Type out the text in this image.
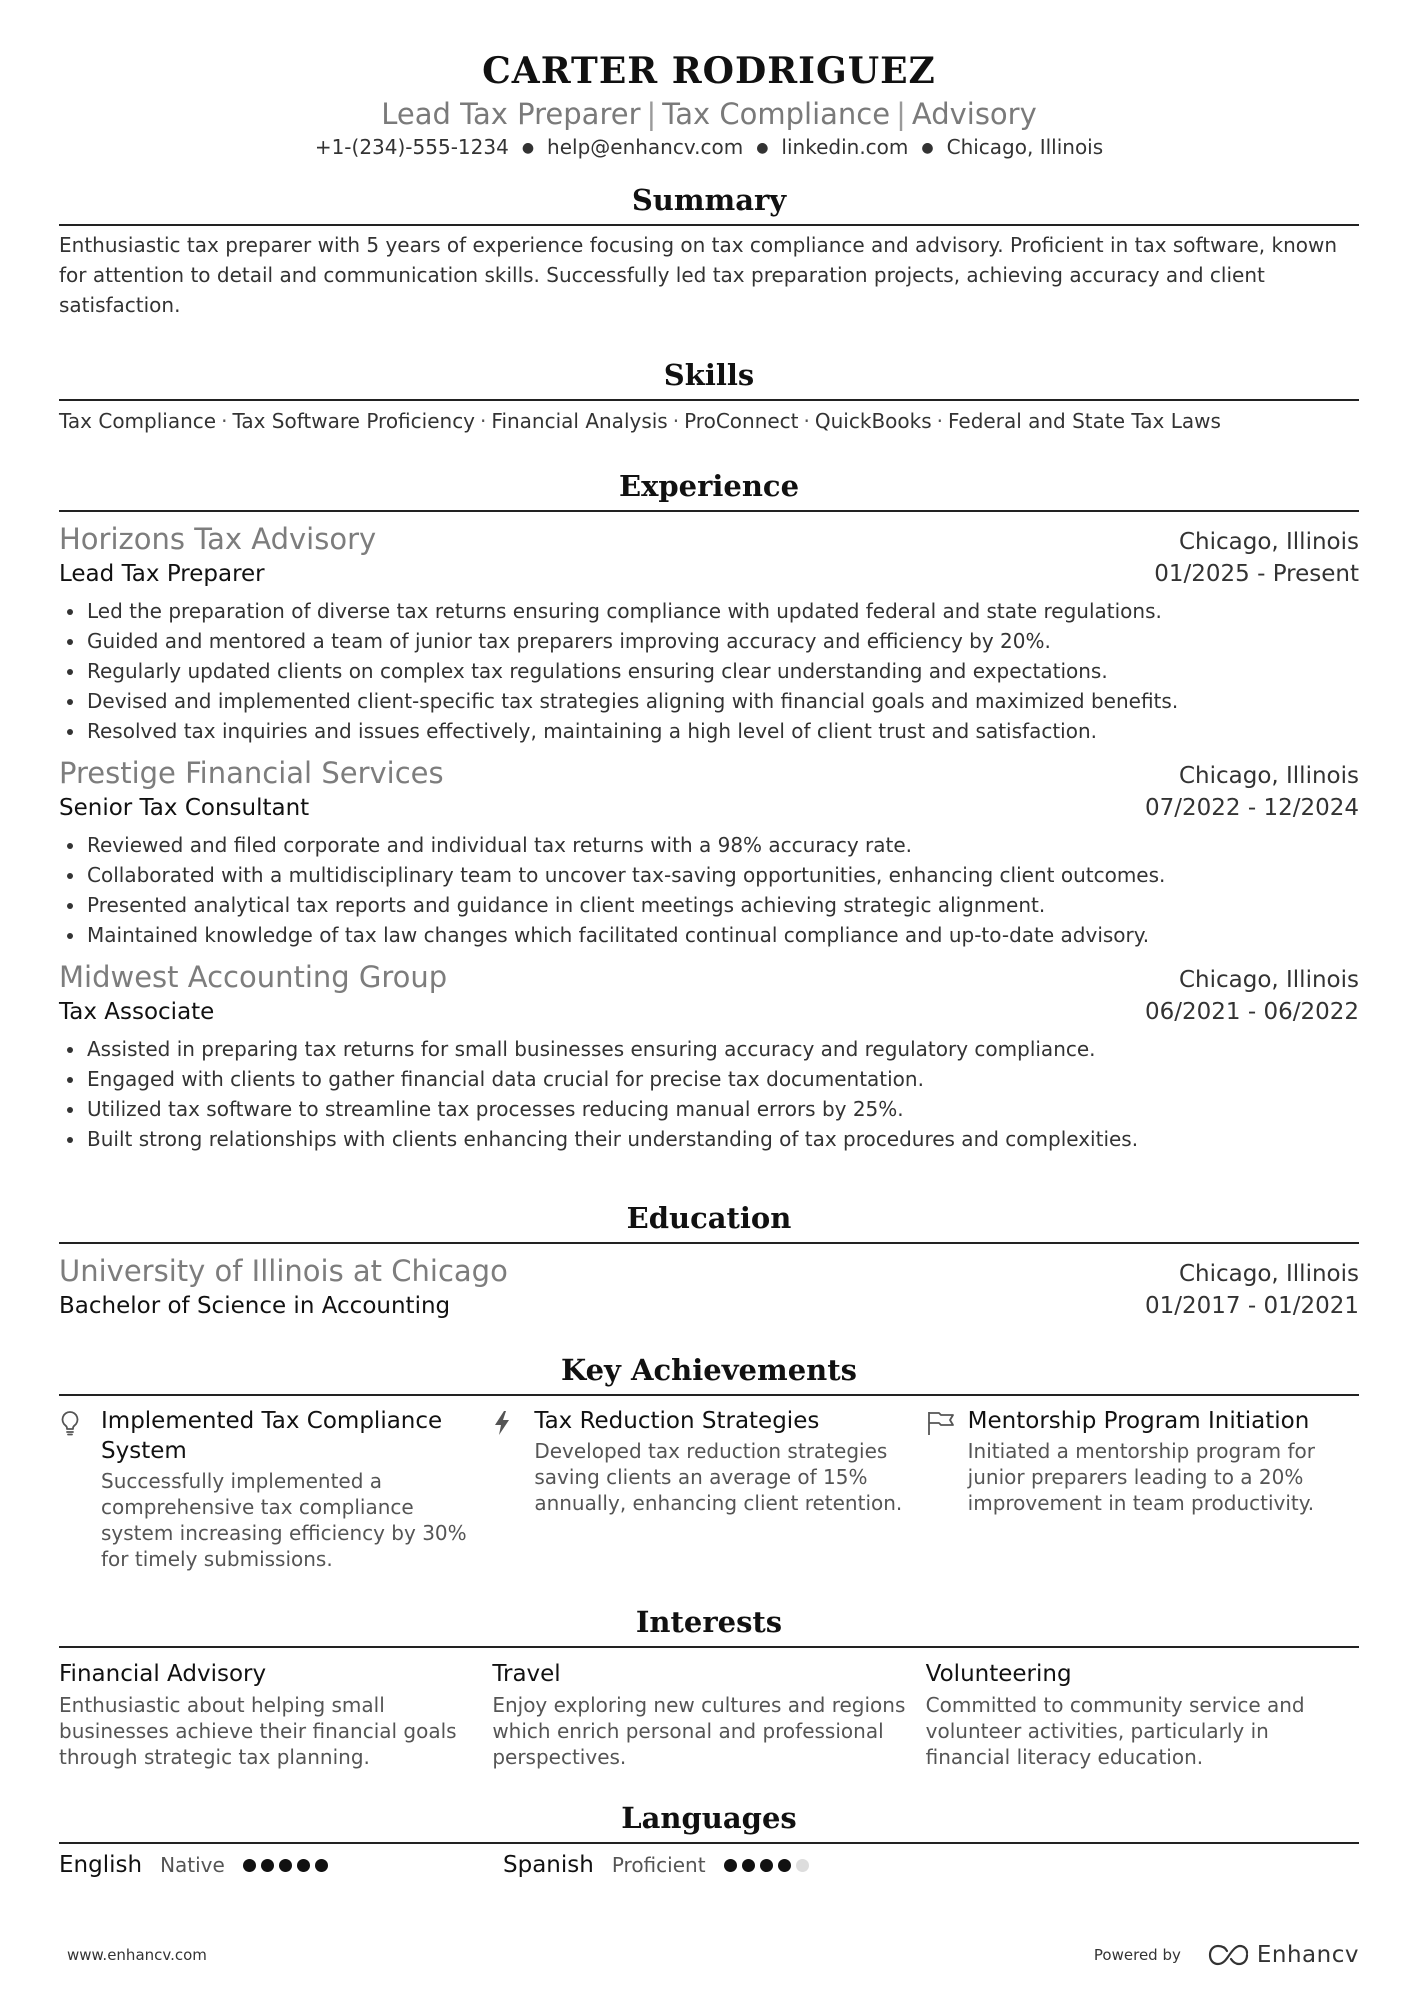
CARTER RODRIGUEZ
Lead Tax Preparer | Tax Compliance | Advisory
+1-(234)-555-1234 ● help@enhancv.com ● linkedin.com ● Chicago, Illinois
Summary
Enthusiastic tax preparer with 5 years of experience focusing on tax compliance and advisory. Proficient in tax software, known for attention to detail and communication skills. Successfully led tax preparation projects, achieving accuracy and client satisfaction.
Skills
Tax Compliance · Tax Software Proficiency · Financial Analysis · ProConnect · QuickBooks · Federal and State Tax Laws
Experience
Horizons Tax Advisory	Chicago, Illinois
Lead Tax Preparer	01/2025 - Present
Led the preparation of diverse tax returns ensuring compliance with updated federal and state regulations.
Guided and mentored a team of junior tax preparers improving accuracy and efficiency by 20%.
Regularly updated clients on complex tax regulations ensuring clear understanding and expectations.
Devised and implemented client-specific tax strategies aligning with financial goals and maximized benefits.
Resolved tax inquiries and issues effectively, maintaining a high level of client trust and satisfaction.
Prestige Financial Services	Chicago, Illinois
Senior Tax Consultant	07/2022 - 12/2024
Reviewed and filed corporate and individual tax returns with a 98% accuracy rate.
Collaborated with a multidisciplinary team to uncover tax-saving opportunities, enhancing client outcomes.
Presented analytical tax reports and guidance in client meetings achieving strategic alignment.
Maintained knowledge of tax law changes which facilitated continual compliance and up-to-date advisory.
Midwest Accounting Group	Chicago, Illinois
Tax Associate	06/2021 - 06/2022
Assisted in preparing tax returns for small businesses ensuring accuracy and regulatory compliance.
Engaged with clients to gather financial data crucial for precise tax documentation.
Utilized tax software to streamline tax processes reducing manual errors by 25%.
Built strong relationships with clients enhancing their understanding of tax procedures and complexities.
Education
University of Illinois at Chicago	Chicago, Illinois
Bachelor of Science in Accounting	01/2017 - 01/2021
Key Achievements
Implemented Tax Compliance System
Successfully implemented a comprehensive tax compliance system increasing efficiency by 30% for timely submissions.
Tax Reduction Strategies
Developed tax reduction strategies saving clients an average of 15% annually, enhancing client retention.
Mentorship Program Initiation
Initiated a mentorship program for junior preparers leading to a 20% improvement in team productivity.
Interests
Financial Advisory
Enthusiastic about helping small businesses achieve their financial goals through strategic tax planning.
Travel
Enjoy exploring new cultures and regions which enrich personal and professional perspectives.
Volunteering
Committed to community service and volunteer activities, particularly in financial literacy education.
Languages
English Native	Spanish Proficient
www.enhancv.com	Powered by	Enhancv
